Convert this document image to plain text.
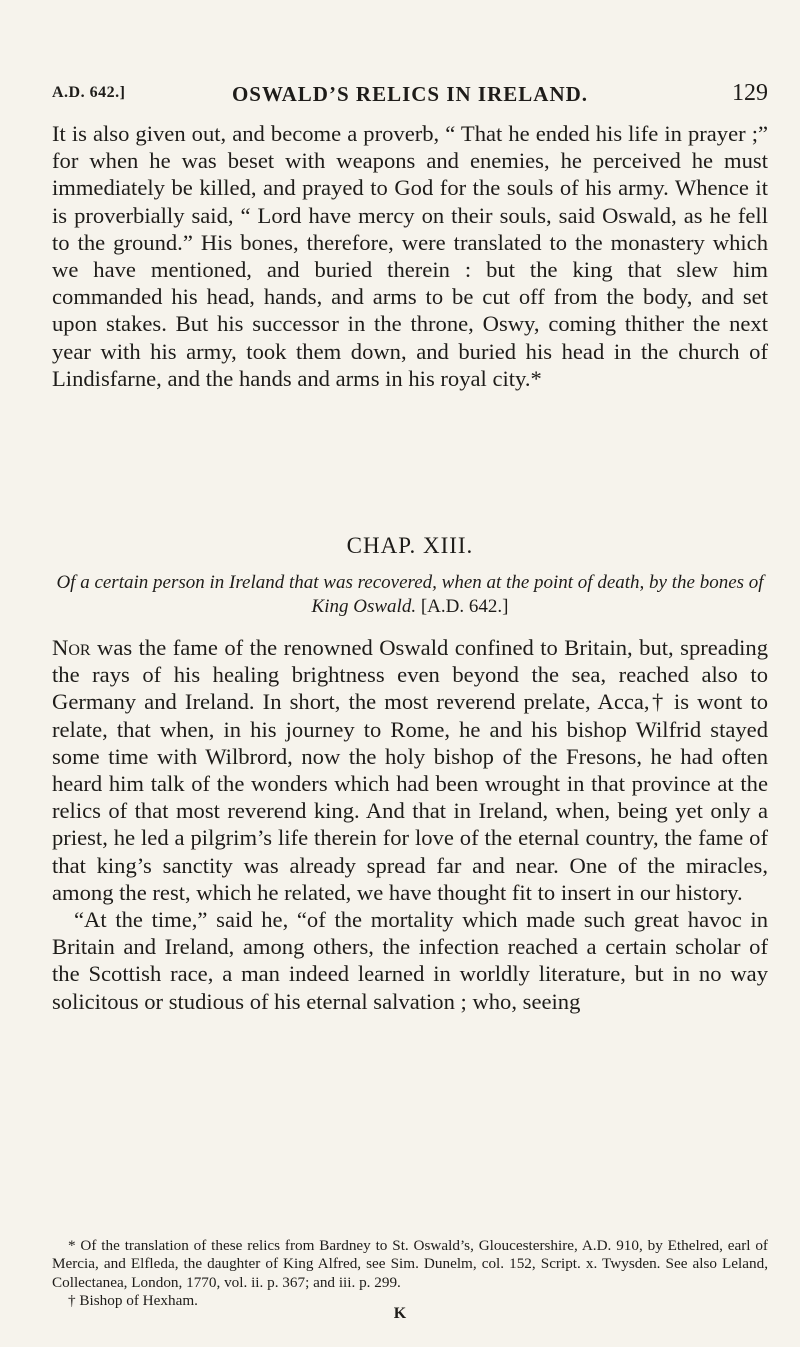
A.D. 642.]	OSWALD’S RELICS IN IRELAND.	129

It is also given out, and become a proverb, “ That he ended his life in prayer ;” for when he was beset with weapons and enemies, he perceived he must immediately be killed, and prayed to God for the souls of his army. Whence it is proverbially said, “ Lord have mercy on their souls, said Oswald, as he fell to the ground.” His bones, therefore, were translated to the monastery which we have mentioned, and buried therein : but the king that slew him commanded his head, hands, and arms to be cut off from the body, and set upon stakes. But his successor in the throne, Oswy, coming thither the next year with his army, took them down, and buried his head in the church of Lindisfarne, and the hands and arms in his royal city.*

CHAP. XIII.
Of a certain person in Ireland that was recovered, when at the point of death, by the bones of King Oswald. [A.D. 642.]

Nor was the fame of the renowned Oswald confined to Britain, but, spreading the rays of his healing brightness even beyond the sea, reached also to Germany and Ireland. In short, the most reverend prelate, Acca,† is wont to relate, that when, in his journey to Rome, he and his bishop Wilfrid stayed some time with Wilbrord, now the holy bishop of the Fresons, he had often heard him talk of the wonders which had been wrought in that province at the relics of that most reverend king. And that in Ireland, when, being yet only a priest, he led a pilgrim’s life therein for love of the eternal country, the fame of that king’s sanctity was already spread far and near. One of the miracles, among the rest, which he related, we have thought fit to insert in our history.

“At the time,” said he, “of the mortality which made such great havoc in Britain and Ireland, among others, the infection reached a certain scholar of the Scottish race, a man indeed learned in worldly literature, but in no way solicitous or studious of his eternal salvation ; who, seeing

* Of the translation of these relics from Bardney to St. Oswald’s, Gloucestershire, A.D. 910, by Ethelred, earl of Mercia, and Elfleda, the daughter of King Alfred, see Sim. Dunelm, col. 152, Script. x. Twysden. See also Leland, Collectanea, London, 1770, vol. ii. p. 367; and iii. p. 299.

† Bishop of Hexham.

K
